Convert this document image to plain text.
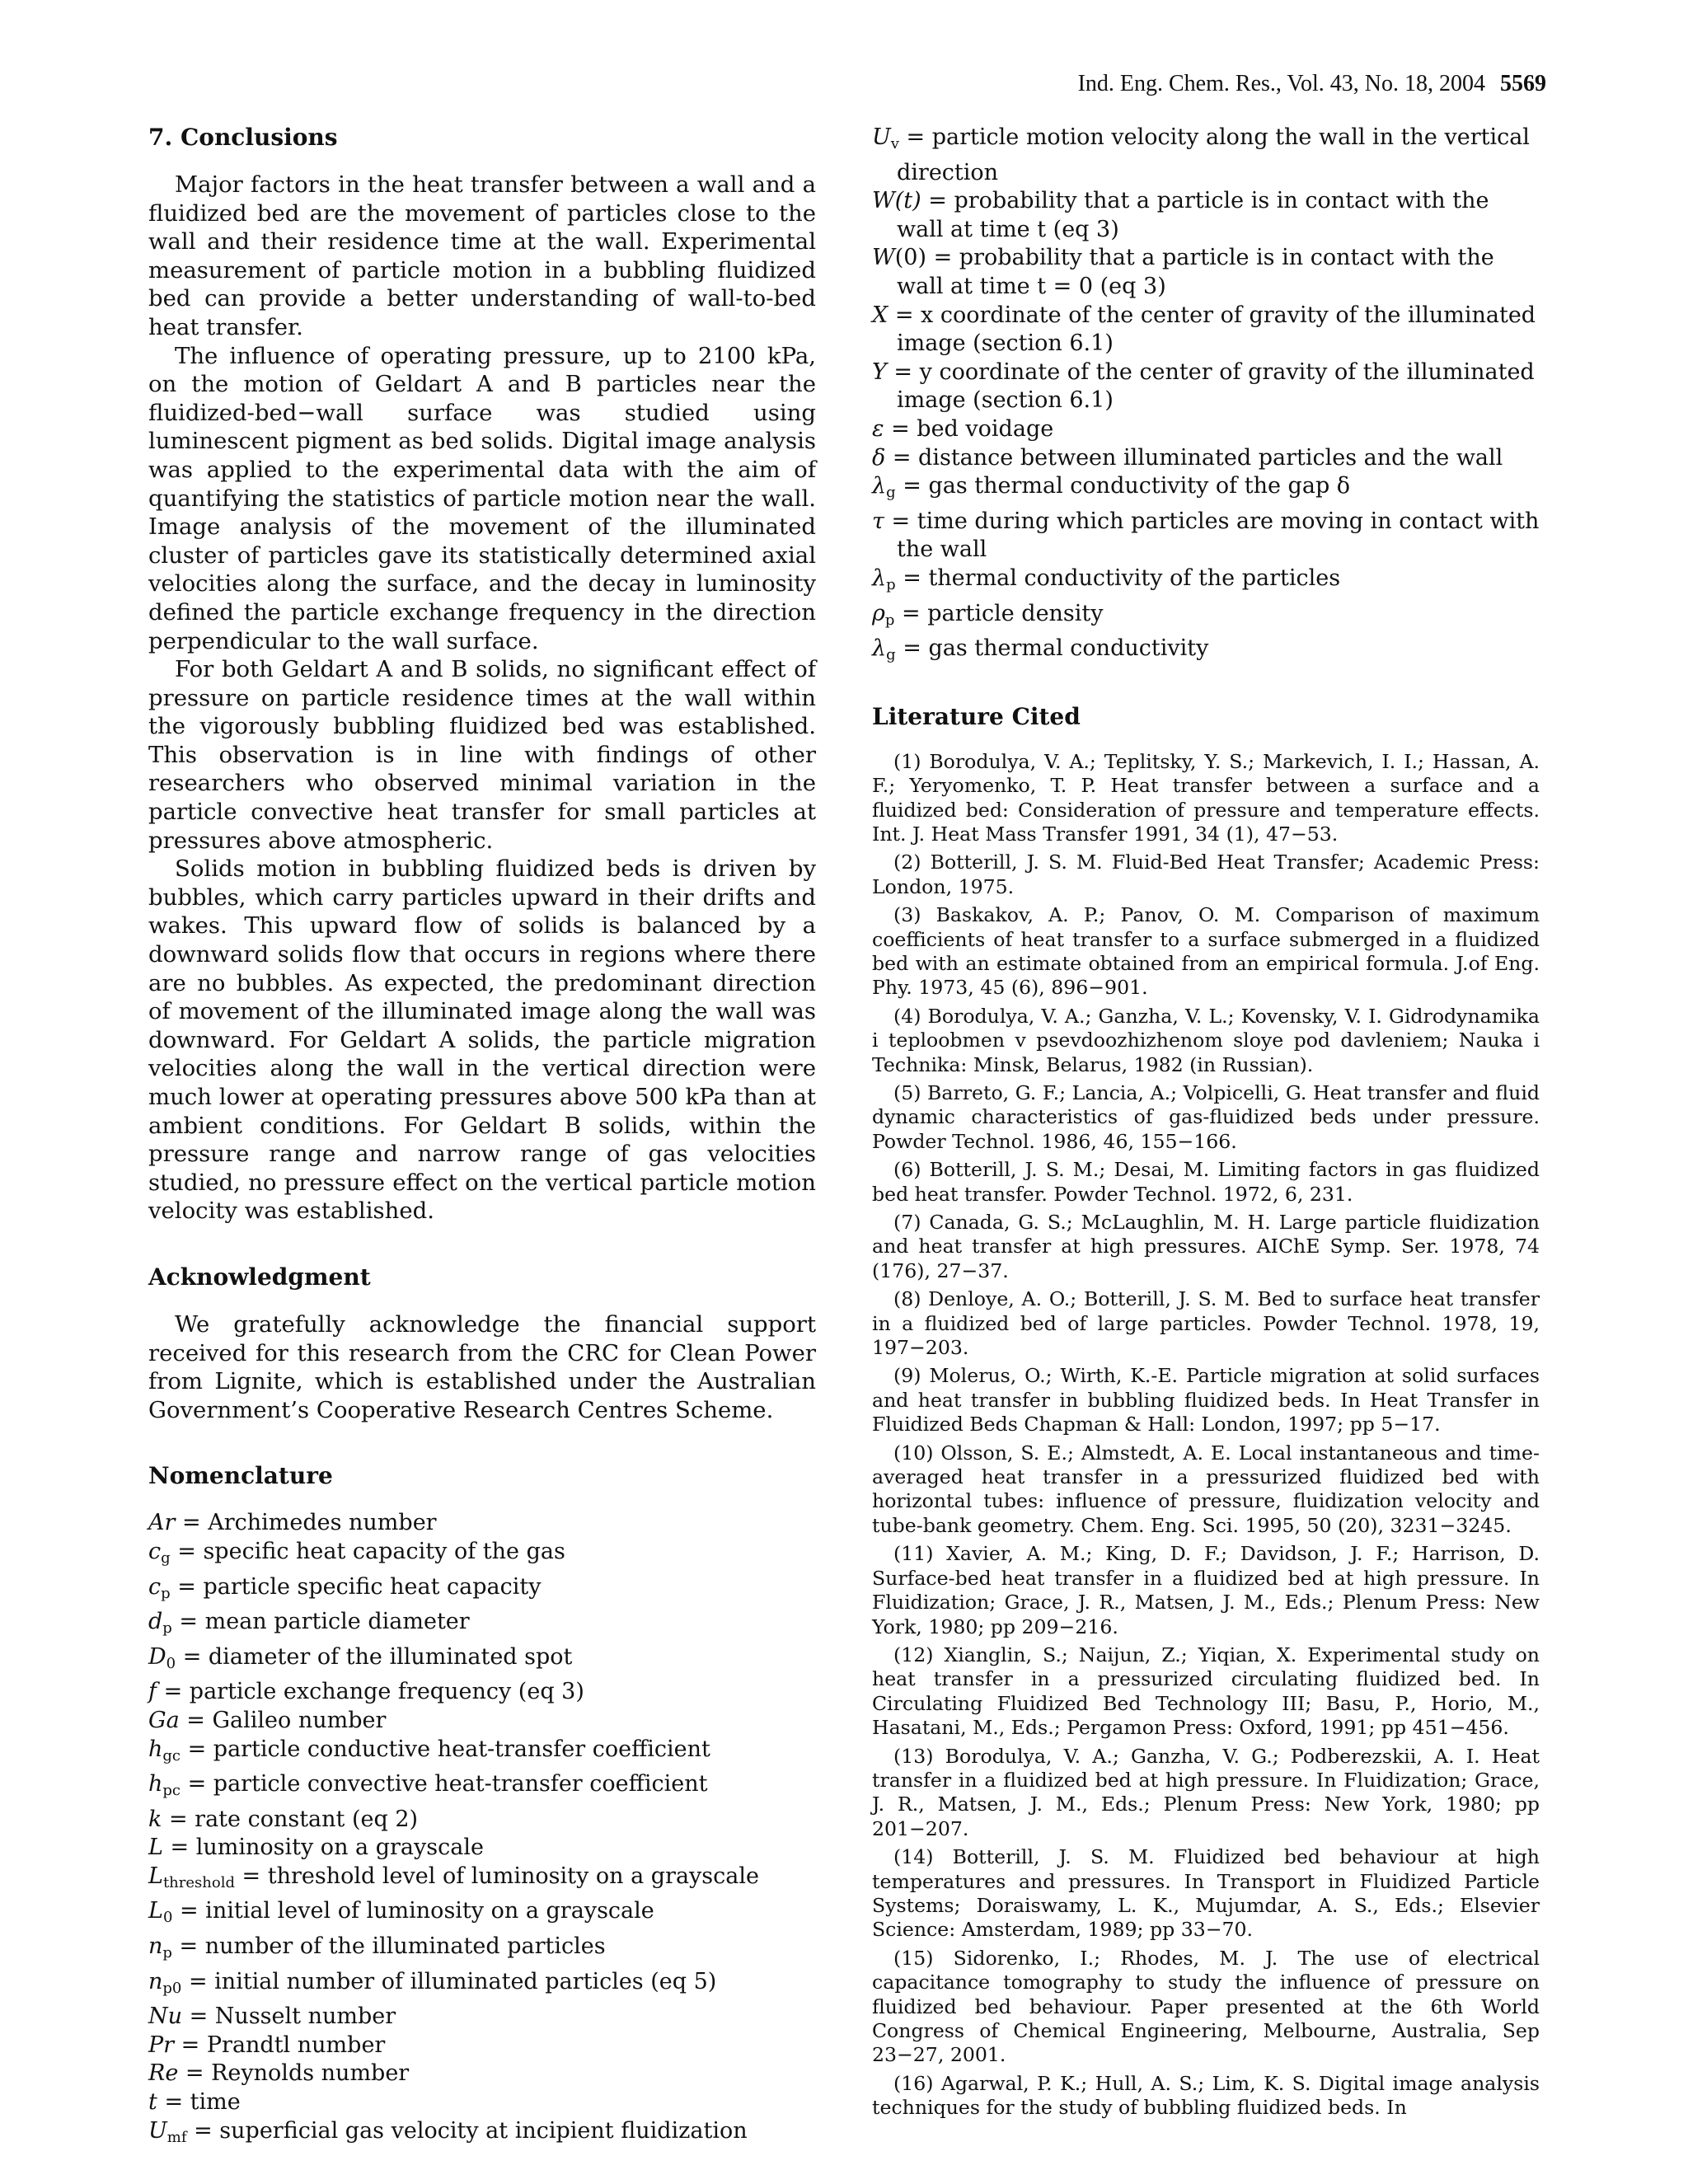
Ind. Eng. Chem. Res., Vol. 43, No. 18, 2004 5569
7. Conclusions

Major factors in the heat transfer between a wall and a fluidized bed are the movement of particles close to the wall and their residence time at the wall. Experimental measurement of particle motion in a bubbling fluidized bed can provide a better understanding of wall-to-bed heat transfer.

The influence of operating pressure, up to 2100 kPa, on the motion of Geldart A and B particles near the fluidized-bed−wall surface was studied using luminescent pigment as bed solids. Digital image analysis was applied to the experimental data with the aim of quantifying the statistics of particle motion near the wall. Image analysis of the movement of the illuminated cluster of particles gave its statistically determined axial velocities along the surface, and the decay in luminosity defined the particle exchange frequency in the direction perpendicular to the wall surface.

For both Geldart A and B solids, no significant effect of pressure on particle residence times at the wall within the vigorously bubbling fluidized bed was established. This observation is in line with findings of other researchers who observed minimal variation in the particle convective heat transfer for small particles at pressures above atmospheric.

Solids motion in bubbling fluidized beds is driven by bubbles, which carry particles upward in their drifts and wakes. This upward flow of solids is balanced by a downward solids flow that occurs in regions where there are no bubbles. As expected, the predominant direction of movement of the illuminated image along the wall was downward. For Geldart A solids, the particle migration velocities along the wall in the vertical direction were much lower at operating pressures above 500 kPa than at ambient conditions. For Geldart B solids, within the pressure range and narrow range of gas velocities studied, no pressure effect on the vertical particle motion velocity was established.

Acknowledgment

We gratefully acknowledge the financial support received for this research from the CRC for Clean Power from Lignite, which is established under the Australian Government’s Cooperative Research Centres Scheme.

Nomenclature
Ar = Archimedes number
$c_g$ = specific heat capacity of the gas
$c_p$ = particle specific heat capacity
$d_p$ = mean particle diameter
$D_0$ = diameter of the illuminated spot
f = particle exchange frequency (eq 3)
Ga = Galileo number
$h_{gc}$ = particle conductive heat-transfer coefficient
$h_{pc}$ = particle convective heat-transfer coefficient
k = rate constant (eq 2)
L = luminosity on a grayscale
$L_{threshold}$ = threshold level of luminosity on a grayscale
$L_0$ = initial level of luminosity on a grayscale
$n_p$ = number of the illuminated particles
$n_{p0}$ = initial number of illuminated particles (eq 5)
Nu = Nusselt number
Pr = Prandtl number
Re = Reynolds number
t = time
$U_{mf}$ = superficial gas velocity at incipient fluidization
$U_v$ = particle motion velocity along the wall in the vertical direction
W(t) = probability that a particle is in contact with the wall at time t (eq 3)
W(0) = probability that a particle is in contact with the wall at time t = 0 (eq 3)
X = x coordinate of the center of gravity of the illuminated image (section 6.1)
Y = y coordinate of the center of gravity of the illuminated image (section 6.1)
ε = bed voidage
δ = distance between illuminated particles and the wall
$\lambda_g$ = gas thermal conductivity of the gap δ
τ = time during which particles are moving in contact with the wall
$\lambda_p$ = thermal conductivity of the particles
$\rho_p$ = particle density
$\lambda_g$ = gas thermal conductivity
Literature Cited
(1) Borodulya, V. A.; Teplitsky, Y. S.; Markevich, I. I.; Hassan, A. F.; Yeryomenko, T. P. Heat transfer between a surface and a fluidized bed: Consideration of pressure and temperature effects. Int. J. Heat Mass Transfer 1991, 34 (1), 47−53.
(2) Botterill, J. S. M. Fluid-Bed Heat Transfer; Academic Press: London, 1975.
(3) Baskakov, A. P.; Panov, O. M. Comparison of maximum coefficients of heat transfer to a surface submerged in a fluidized bed with an estimate obtained from an empirical formula. J.of Eng. Phy. 1973, 45 (6), 896−901.
(4) Borodulya, V. A.; Ganzha, V. L.; Kovensky, V. I. Gidrodynamika i teploobmen v psevdoozhizhenom sloye pod davleniem; Nauka i Technika: Minsk, Belarus, 1982 (in Russian).
(5) Barreto, G. F.; Lancia, A.; Volpicelli, G. Heat transfer and fluid dynamic characteristics of gas-fluidized beds under pressure. Powder Technol. 1986, 46, 155−166.
(6) Botterill, J. S. M.; Desai, M. Limiting factors in gas fluidized bed heat transfer. Powder Technol. 1972, 6, 231.
(7) Canada, G. S.; McLaughlin, M. H. Large particle fluidization and heat transfer at high pressures. AIChE Symp. Ser. 1978, 74 (176), 27−37.
(8) Denloye, A. O.; Botterill, J. S. M. Bed to surface heat transfer in a fluidized bed of large particles. Powder Technol. 1978, 19, 197−203.
(9) Molerus, O.; Wirth, K.-E. Particle migration at solid surfaces and heat transfer in bubbling fluidized beds. In Heat Transfer in Fluidized Beds Chapman & Hall: London, 1997; pp 5−17.
(10) Olsson, S. E.; Almstedt, A. E. Local instantaneous and time-averaged heat transfer in a pressurized fluidized bed with horizontal tubes: influence of pressure, fluidization velocity and tube-bank geometry. Chem. Eng. Sci. 1995, 50 (20), 3231−3245.
(11) Xavier, A. M.; King, D. F.; Davidson, J. F.; Harrison, D. Surface-bed heat transfer in a fluidized bed at high pressure. In Fluidization; Grace, J. R., Matsen, J. M., Eds.; Plenum Press: New York, 1980; pp 209−216.
(12) Xianglin, S.; Naijun, Z.; Yiqian, X. Experimental study on heat transfer in a pressurized circulating fluidized bed. In Circulating Fluidized Bed Technology III; Basu, P., Horio, M., Hasatani, M., Eds.; Pergamon Press: Oxford, 1991; pp 451−456.
(13) Borodulya, V. A.; Ganzha, V. G.; Podberezskii, A. I. Heat transfer in a fluidized bed at high pressure. In Fluidization; Grace, J. R., Matsen, J. M., Eds.; Plenum Press: New York, 1980; pp 201−207.
(14) Botterill, J. S. M. Fluidized bed behaviour at high temperatures and pressures. In Transport in Fluidized Particle Systems; Doraiswamy, L. K., Mujumdar, A. S., Eds.; Elsevier Science: Amsterdam, 1989; pp 33−70.
(15) Sidorenko, I.; Rhodes, M. J. The use of electrical capacitance tomography to study the influence of pressure on fluidized bed behaviour. Paper presented at the 6th World Congress of Chemical Engineering, Melbourne, Australia, Sep 23−27, 2001.
(16) Agarwal, P. K.; Hull, A. S.; Lim, K. S. Digital image analysis techniques for the study of bubbling fluidized beds. In
